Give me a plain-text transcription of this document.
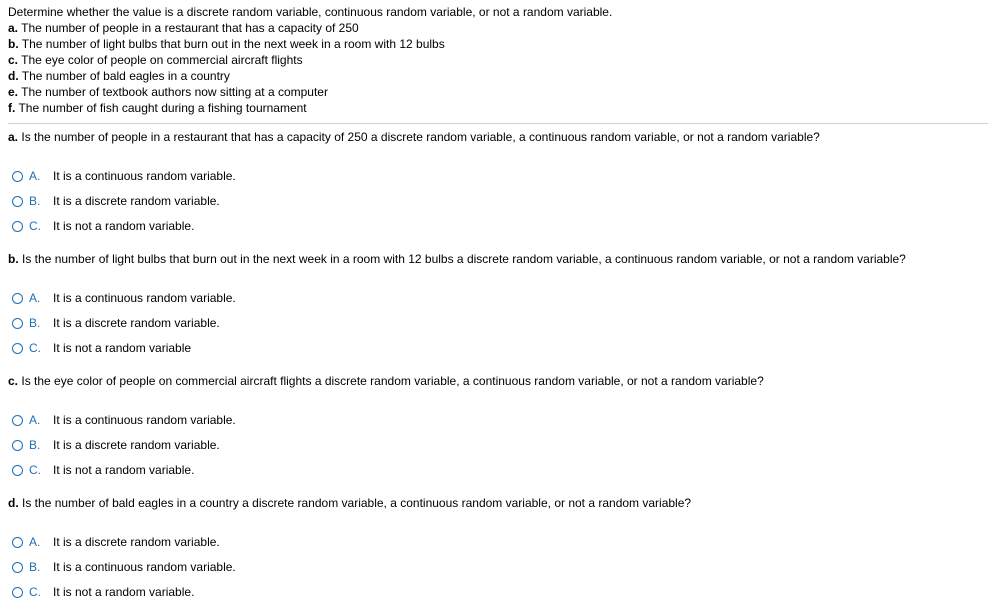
Determine whether the value is a discrete random variable, continuous random variable, or not a random variable.
a. The number of people in a restaurant that has a capacity of 250
b. The number of light bulbs that burn out in the next week in a room with 12 bulbs
c. The eye color of people on commercial aircraft flights
d. The number of bald eagles in a country
e. The number of textbook authors now sitting at a computer
f. The number of fish caught during a fishing tournament
a. Is the number of people in a restaurant that has a capacity of 250 a discrete random variable, a continuous random variable, or not a random variable?
A.	It is a continuous random variable.
B.	It is a discrete random variable.
C.	It is not a random variable.
b. Is the number of light bulbs that burn out in the next week in a room with 12 bulbs a discrete random variable, a continuous random variable, or not a random variable?
A.	It is a continuous random variable.
B.	It is a discrete random variable.
C.	It is not a random variable
c. Is the eye color of people on commercial aircraft flights a discrete random variable, a continuous random variable, or not a random variable?
A.	It is a continuous random variable.
B.	It is a discrete random variable.
C.	It is not a random variable.
d. Is the number of bald eagles in a country a discrete random variable, a continuous random variable, or not a random variable?
A.	It is a discrete random variable.
B.	It is a continuous random variable.
C.	It is not a random variable.
